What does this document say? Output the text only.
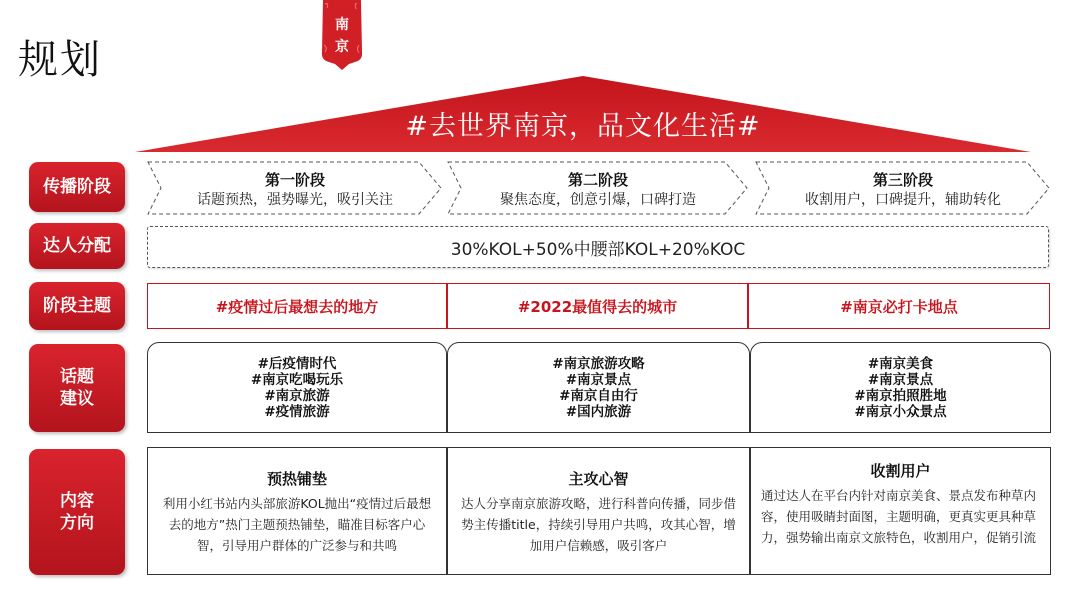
规划
南
京
#去世界南京，品文化生活#
传播阶段
达人分配
阶段主题
话题
建议
内容
方向
第一阶段
话题预热，强势曝光，吸引关注
第二阶段
聚焦态度，创意引爆，口碑打造
第三阶段
收割用户，口碑提升，辅助转化
30%KOL+50%中腰部KOL+20%KOC
#疫情过后最想去的地方	#2022最值得去的城市	#南京必打卡地点
#后疫情时代
#南京吃喝玩乐
#南京旅游
#疫情旅游
#南京旅游攻略
#南京景点
#南京自由行
#国内旅游
#南京美食
#南京景点
#南京拍照胜地
#南京小众景点
预热铺垫
利用小红书站内头部旅游KOL抛出“疫情过后最想去的地方”热门主题预热铺垫，瞄准目标客户心智，引导用户群体的广泛参与和共鸣
主攻心智
达人分享南京旅游攻略，进行科普向传播，同步借势主传播title，持续引导用户共鸣，攻其心智，增加用户信赖感，吸引客户
收割用户
通过达人在平台内针对南京美食、景点发布种草内容，使用吸睛封面图，主题明确，更真实更具种草力，强势输出南京文旅特色，收割用户，促销引流
